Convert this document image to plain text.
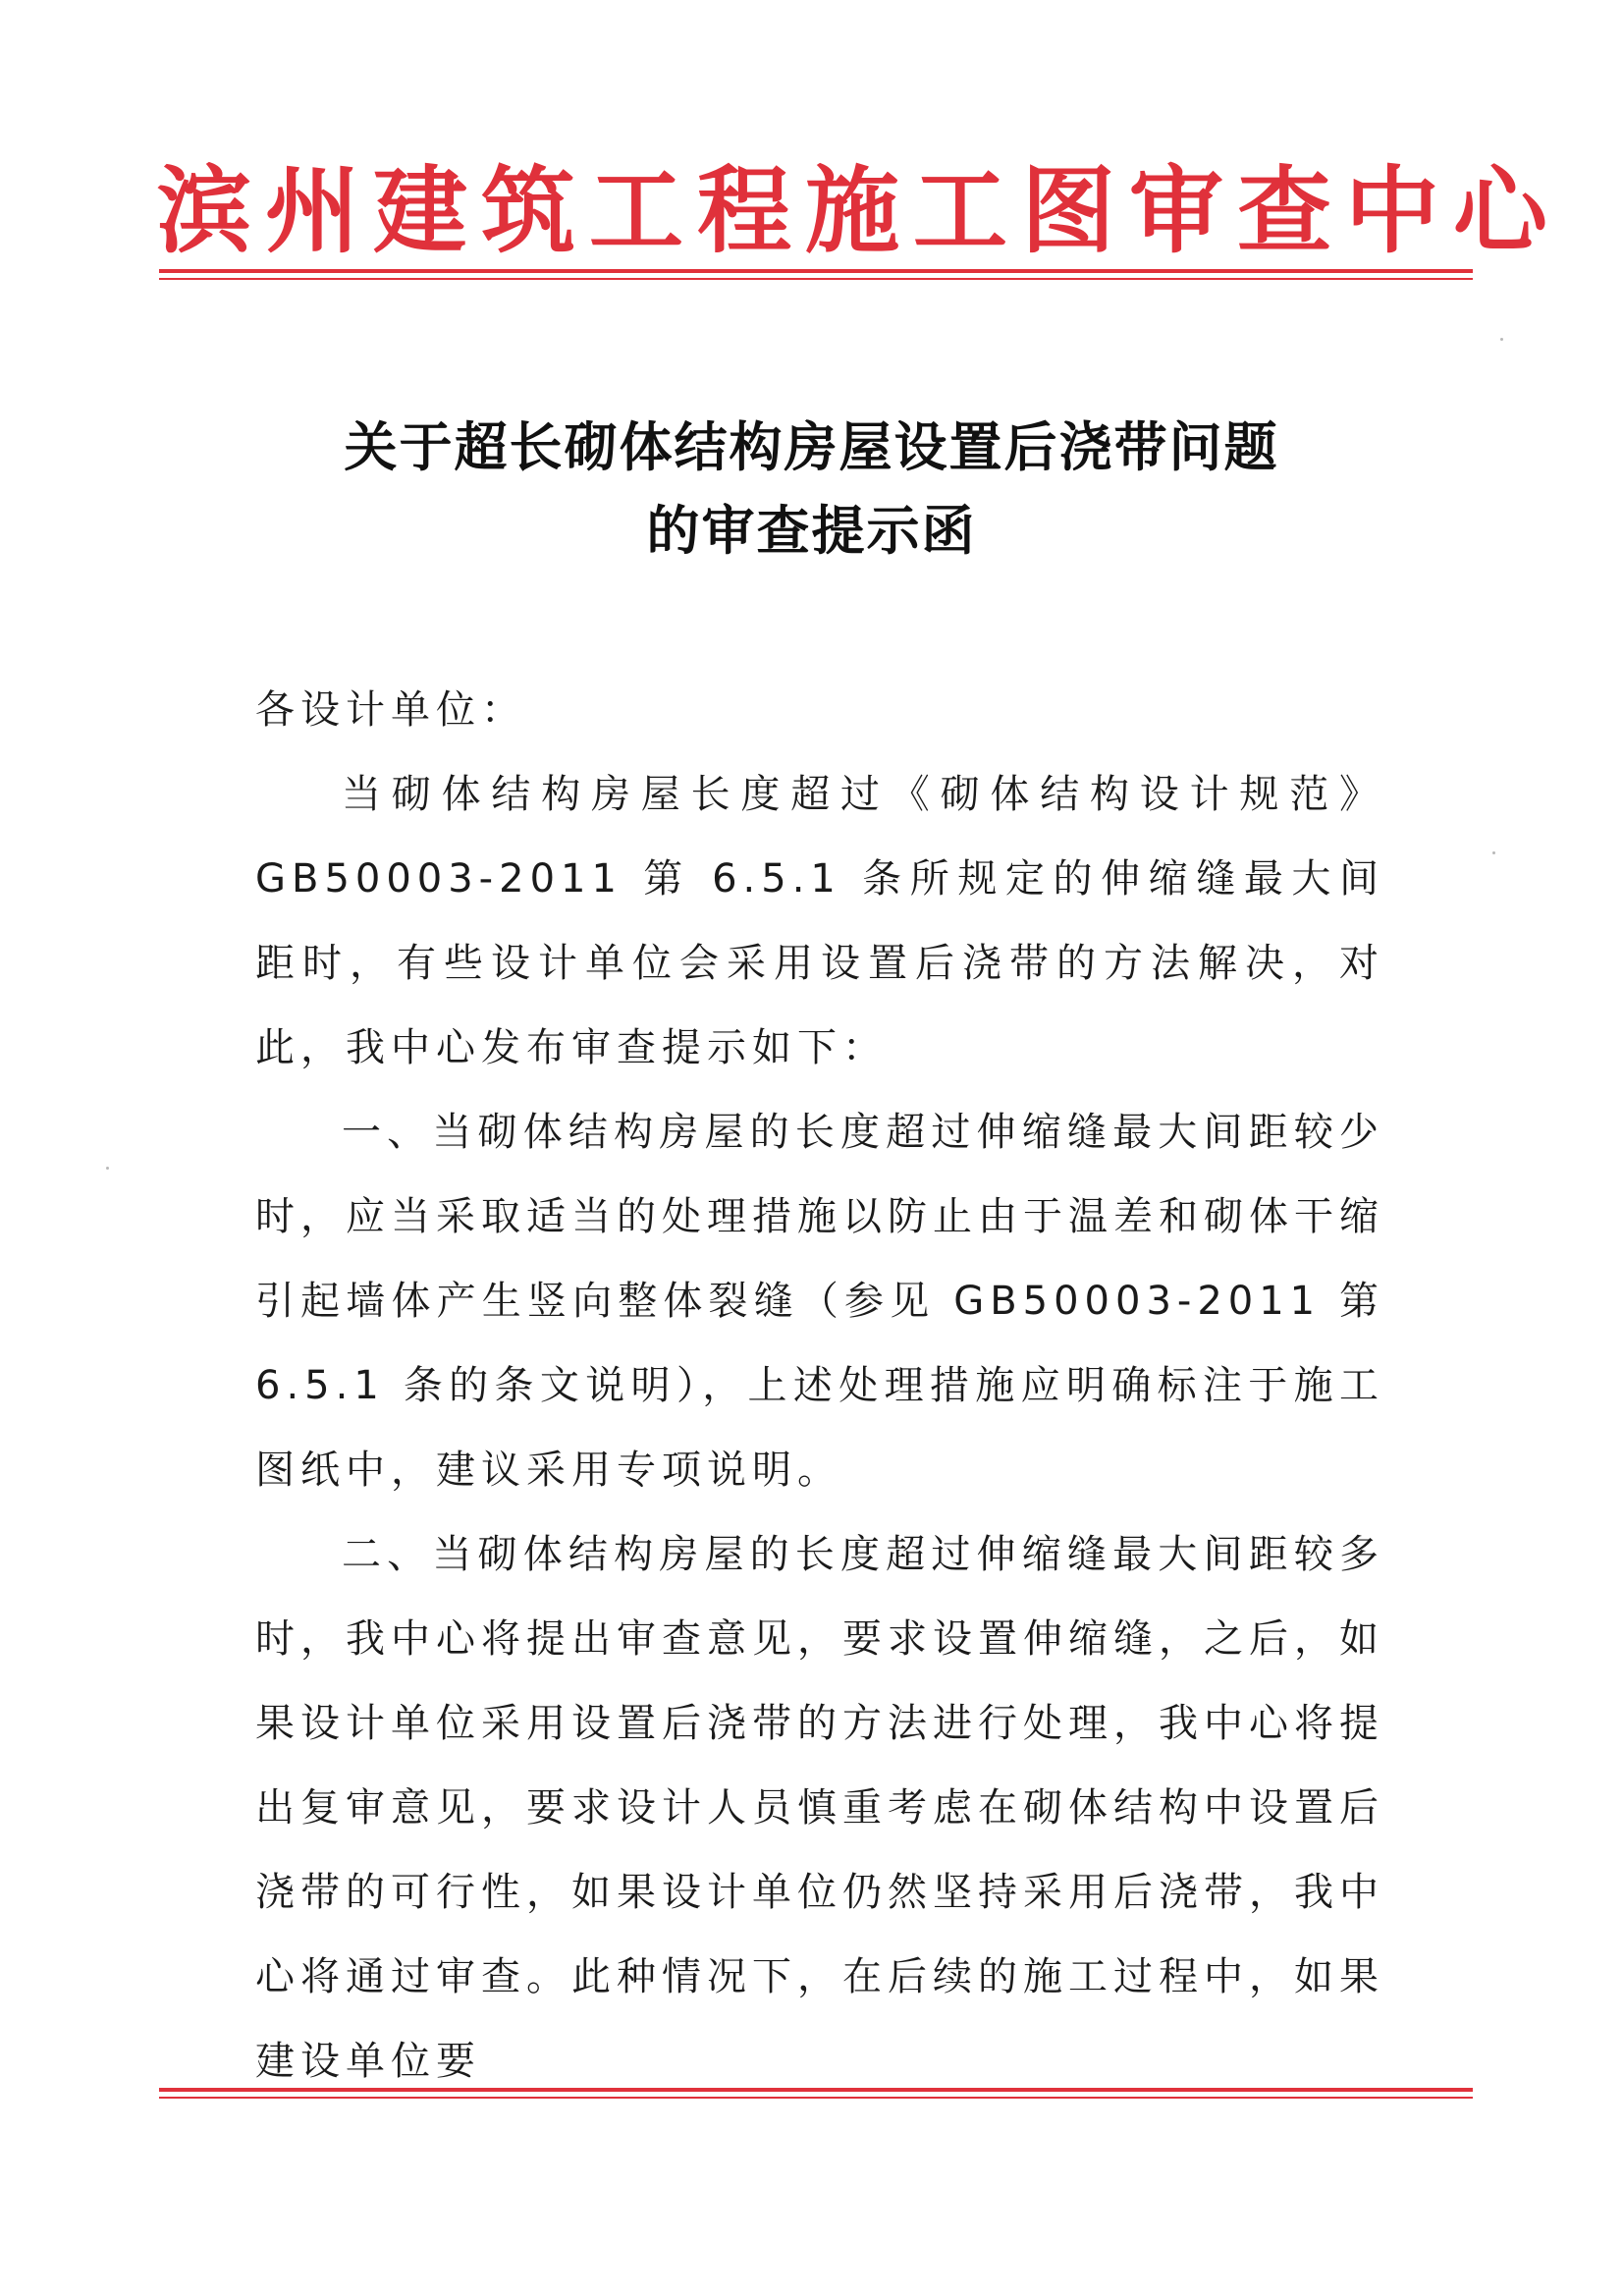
滨州建筑工程施工图审查中心
关于超长砌体结构房屋设置后浇带问题
的审查提示函
各设计单位：

当砌体结构房屋长度超过《砌体结构设计规范》GB50003-2011 第 6.5.1 条所规定的伸缩缝最大间距时，有些设计单位会采用设置后浇带的方法解决，对此，我中心发布审查提示如下：

一、当砌体结构房屋的长度超过伸缩缝最大间距较少时，应当采取适当的处理措施以防止由于温差和砌体干缩引起墙体产生竖向整体裂缝（参见 GB50003-2011 第 6.5.1 条的条文说明），上述处理措施应明确标注于施工图纸中，建议采用专项说明。

二、当砌体结构房屋的长度超过伸缩缝最大间距较多时，我中心将提出审查意见，要求设置伸缩缝，之后，如果设计单位采用设置后浇带的方法进行处理，我中心将提出复审意见，要求设计人员慎重考虑在砌体结构中设置后浇带的可行性，如果设计单位仍然坚持采用后浇带，我中心将通过审查。此种情况下，在后续的施工过程中，如果建设单位要
